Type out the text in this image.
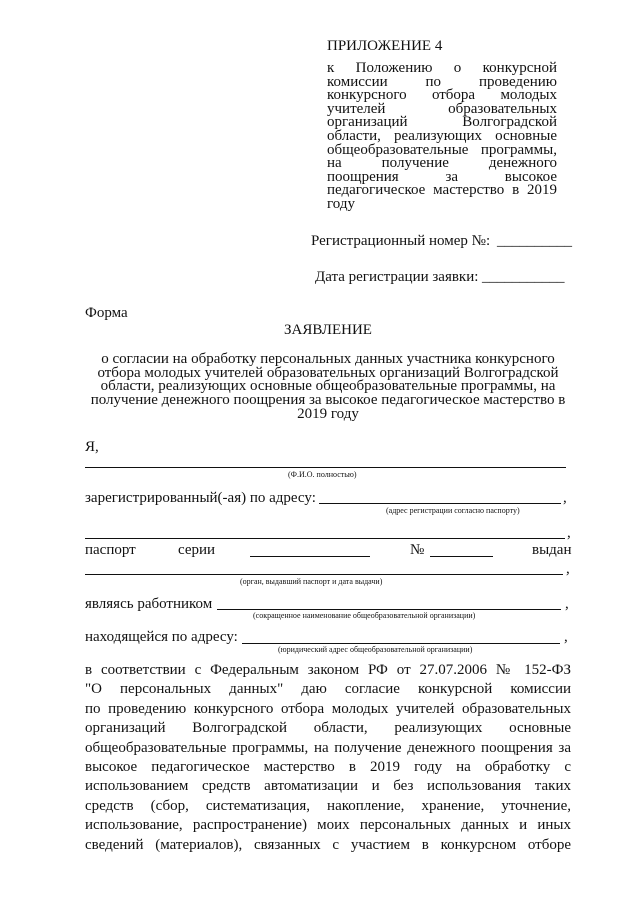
ПРИЛОЖЕНИЕ 4
к Положению о конкурсной
комиссии по проведению
конкурсного отбора молодых
учителей образовательных
организаций Волгоградской
области, реализующих основные
общеобразовательные программы,
на получение денежного
поощрения за высокое
педагогическое мастерство в 2019
году
Регистрационный номер №: __________
Дата регистрации заявки: ___________
Форма
ЗАЯВЛЕНИЕ
о согласии на обработку персональных данных участника конкурсного
отбора молодых учителей образовательных организаций Волгоградской
области, реализующих основные общеобразовательные программы, на
получение денежного поощрения за высокое педагогическое мастерство в
2019 году
Я,
(Ф.И.О. полностью)
зарегистрированный(-ая) по адресу:	,
(адрес регистрации согласно паспорту)
,
паспорт	серии	№	выдан
,
(орган, выдавший паспорт и дата выдачи)
являясь работником	,
(сокращенное наименование общеобразовательной организации)
находящейся по адресу:	,
(юридический адрес общеобразовательной организации)
в соответствии с Федеральным законом РФ от 27.07.2006 № 152-ФЗ
"О персональных данных" даю согласие конкурсной комиссии
по проведению конкурсного отбора молодых учителей образовательных
организаций Волгоградской области, реализующих основные
общеобразовательные программы, на получение денежного поощрения за
высокое педагогическое мастерство в 2019 году на обработку с
использованием средств автоматизации и без использования таких
средств (сбор, систематизация, накопление, хранение, уточнение,
использование, распространение) моих персональных данных и иных
сведений (материалов), связанных с участием в конкурсном отборе
